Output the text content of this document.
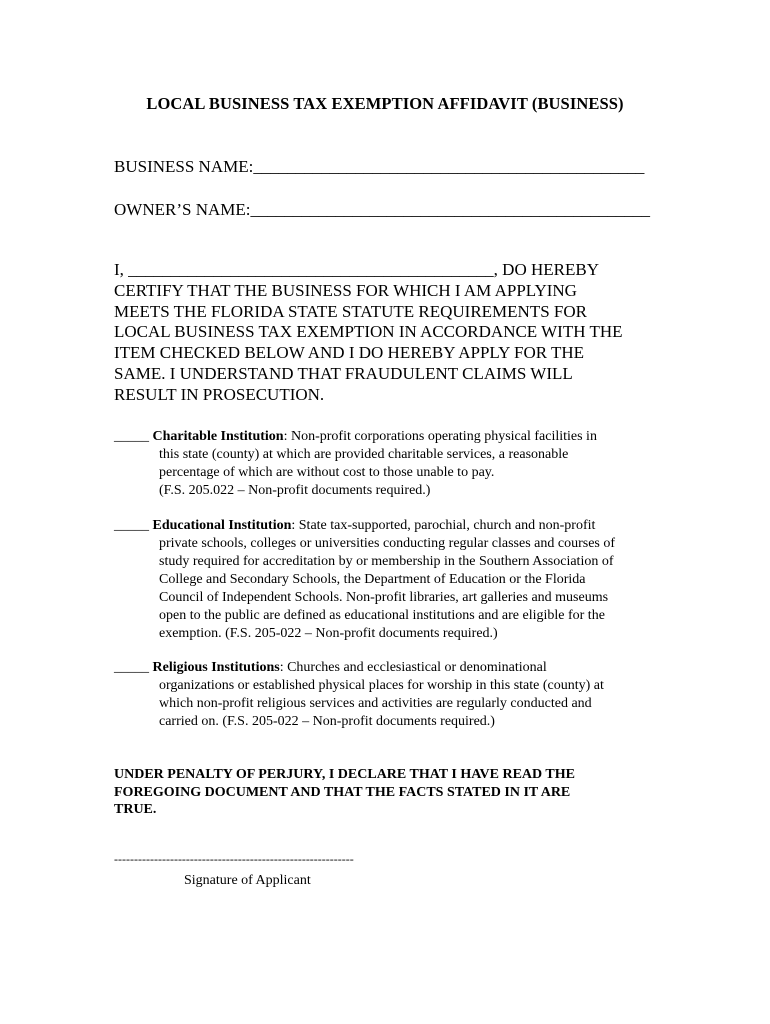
LOCAL BUSINESS TAX EXEMPTION AFFIDAVIT (BUSINESS)
BUSINESS NAME:______________________________________________
OWNER’S NAME:_______________________________________________

I, ___________________________________________, DO HEREBY

CERTIFY THAT THE BUSINESS FOR WHICH I AM APPLYING

MEETS THE FLORIDA STATE STATUTE REQUIREMENTS FOR

LOCAL BUSINESS TAX EXEMPTION IN ACCORDANCE WITH THE

ITEM CHECKED BELOW AND I DO HEREBY APPLY FOR THE

SAME. I UNDERSTAND THAT FRAUDULENT CLAIMS WILL

RESULT IN PROSECUTION.

_____ Charitable Institution: Non-profit corporations operating physical facilities in
this state (county) at which are provided charitable services, a reasonable
percentage of which are without cost to those unable to pay.
(F.S. 205.022 – Non-profit documents required.)
_____ Educational Institution: State tax-supported, parochial, church and non-profit
private schools, colleges or universities conducting regular classes and courses of
study required for accreditation by or membership in the Southern Association of
College and Secondary Schools, the Department of Education or the Florida
Council of Independent Schools. Non-profit libraries, art galleries and museums
open to the public are defined as educational institutions and are eligible for the
exemption. (F.S. 205-022 – Non-profit documents required.)
_____ Religious Institutions: Churches and ecclesiastical or denominational
organizations or established physical places for worship in this state (county) at
which non-profit religious services and activities are regularly conducted and
carried on. (F.S. 205-022 – Non-profit documents required.)
UNDER PENALTY OF PERJURY, I DECLARE THAT I HAVE READ THE
FOREGOING DOCUMENT AND THAT THE FACTS STATED IN IT ARE
TRUE.
------------------------------------------------------------
Signature of Applicant
